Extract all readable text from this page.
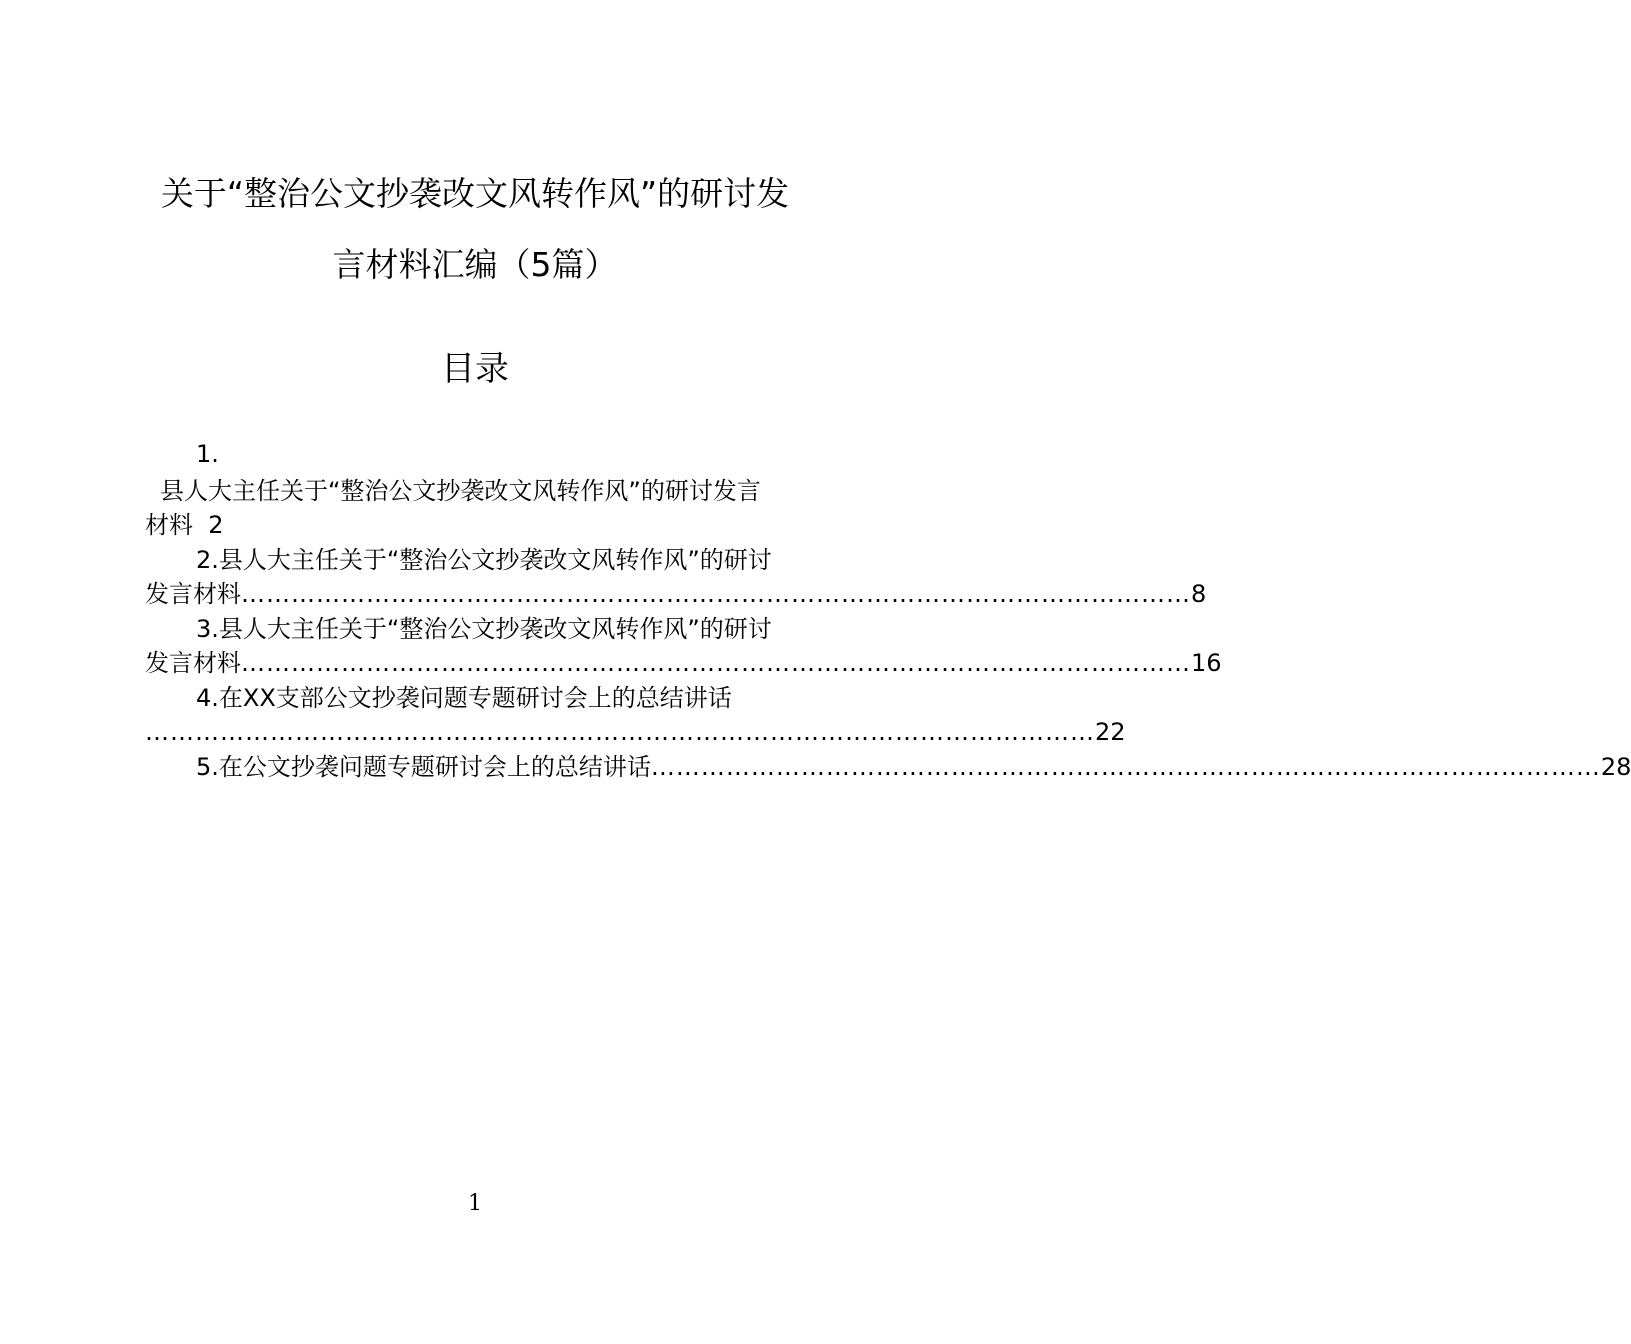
关于“整治公文抄袭改文风转作风”的研讨发
言材料汇编（5篇）
目录
1.
县人大主任关于“整治公文抄袭改文风转作风”的研讨发言
材料 2
2.县人大主任关于“整治公文抄袭改文风转作风”的研讨
发言材料 …………………………………………………………………………………………………… 8
3.县人大主任关于“整治公文抄袭改文风转作风”的研讨
发言材料 …………………………………………………………………………………………………… 16
4.在XX支部公文抄袭问题专题研讨会上的总结讲话
…………………………………………………………………………………………………… 22
5.在公文抄袭问题专题研讨会上的总结讲话 …………………………………………………………………………………………………… 28
1
